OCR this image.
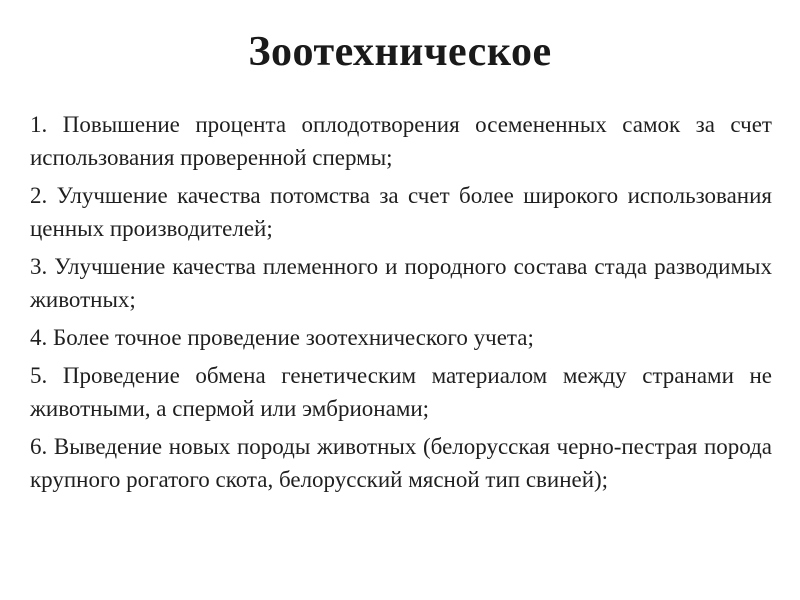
Зоотехническое
1. Повышение процента оплодотворения осемененных самок за счет использования проверенной спермы;
2. Улучшение качества потомства за счет более широкого использования ценных производителей;
3. Улучшение качества племенного и породного состава стада разводимых животных;
4. Более точное проведение зоотехнического учета;
5. Проведение обмена генетическим материалом между странами не животными, а спермой или эмбрионами;
6. Выведение новых породы животных (белорусская черно-пестрая порода крупного рогатого скота, белорусский мясной тип свиней);
